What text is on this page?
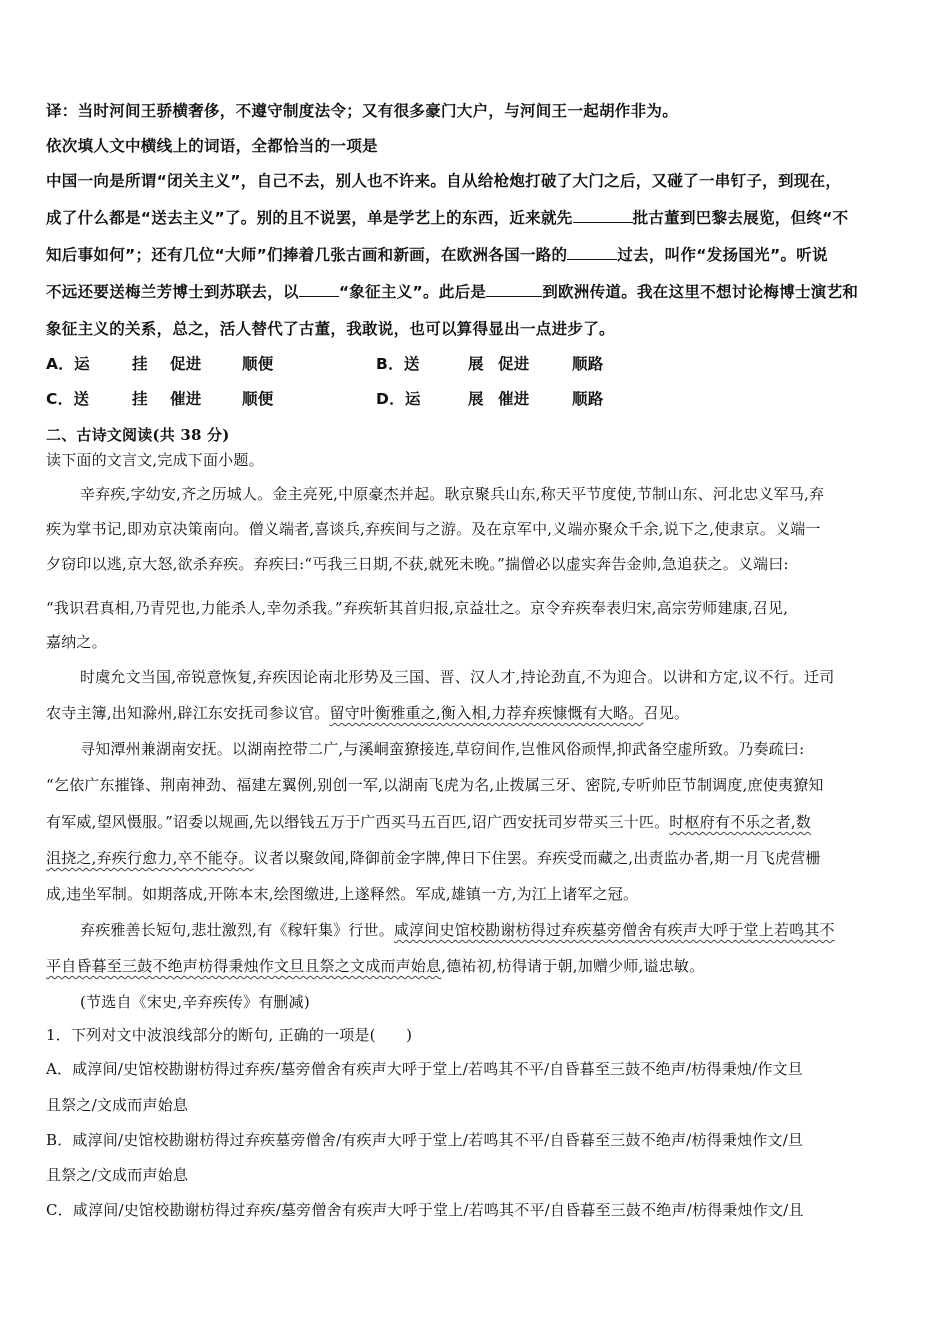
译：当时河间王骄横奢侈，不遵守制度法令；又有很多豪门大户，与河间王一起胡作非为。
依次填人文中横线上的词语，全都恰当的一项是
中国一向是所谓“闭关主义”，自己不去，别人也不许来。自从给枪炮打破了大门之后，又碰了一串钉子，到现在，
成了什么都是“送去主义”了。别的且不说罢，单是学艺上的东西，近来就先	批古董到巴黎去展览，但终“不
知后事如何”；还有几位“大师”们捧着几张古画和新画，在欧洲各国一路的	过去，叫作“发扬国光”。听说
不远还要送梅兰芳博士到苏联去，以	“象征主义”。此后是	到欧洲传道。我在这里不想讨论梅博士演艺和
象征主义的关系，总之，活人替代了古董，我敢说，也可以算得显出一点进步了。
A．运	挂 促进	顺便	B．送	展 促进	顺路
C．送	挂 催进	顺便	D．运	展 催进	顺路
二、古诗文阅读(共 38 分)
读下面的文言文,完成下面小题。
辛弃疾,字幼安,齐之历城人。金主亮死,中原豪杰并起。耿京聚兵山东,称天平节度使,节制山东、河北忠义军马,弃
疾为掌书记,即劝京决策南向。僧义端者,喜谈兵,弃疾间与之游。及在京军中,义端亦聚众千余,说下之,使隶京。义端一
夕窃印以逃,京大怒,欲杀弃疾。弃疾曰:“丐我三日期,不获,就死未晚。”揣僧必以虚实奔告金帅,急追获之。义端曰:
“我识君真相,乃青兕也,力能杀人,幸勿杀我。”弃疾斩其首归报,京益壮之。京令弃疾奉表归宋,高宗劳师建康,召见,
嘉纳之。
时虞允文当国,帝锐意恢复,弃疾因论南北形势及三国、晋、汉人才,持论劲直,不为迎合。以讲和方定,议不行。迁司
农寺主簿,出知滁州,辟江东安抚司参议官。留守叶衡雅重之,衡入相,力荐弃疾慷慨有大略。召见。
寻知潭州兼湖南安抚。以湖南控带二广,与溪峒蛮獠接连,草窃间作,岂惟风俗顽悍,抑武备空虚所致。乃奏疏曰:
“乞依广东摧锋、荆南神劲、福建左翼例,别创一军,以湖南飞虎为名,止拨属三牙、密院,专听帅臣节制调度,庶使夷獠知
有军威,望风慑服。”诏委以规画,先以缗钱五万于广西买马五百匹,诏广西安抚司岁带买三十匹。时枢府有不乐之者,数
沮挠之,弃疾行愈力,卒不能夺。议者以聚敛闻,降御前金字牌,俾日下住罢。弃疾受而藏之,出责监办者,期一月飞虎营栅
成,违坐军制。如期落成,开陈本末,绘图缴进,上遂释然。军成,雄镇一方,为江上诸军之冠。
弃疾雅善长短句,悲壮激烈,有《稼轩集》行世。咸淳间史馆校勘谢枋得过弃疾墓旁僧舍有疾声大呼于堂上若鸣其不
平自昏暮至三鼓不绝声枋得秉烛作文旦且祭之文成而声始息,德祐初,枋得请于朝,加赠少师,谥忠敏。
(节选自《宋史,辛弃疾传》有删减)
1．下列对文中波浪线部分的断句, 正确的一项是(　　)
A．咸淳间/史馆校勘谢枋得过弃疾/墓旁僧舍有疾声大呼于堂上/若鸣其不平/自昏暮至三鼓不绝声/枋得秉烛/作文旦
且祭之/文成而声始息
B．咸淳间/史馆校勘谢枋得过弃疾墓旁僧舍/有疾声大呼于堂上/若鸣其不平/自昏暮至三鼓不绝声/枋得秉烛作文/旦
且祭之/文成而声始息
C．咸淳间/史馆校勘谢枋得过弃疾/墓旁僧舍有疾声大呼于堂上/若鸣其不平/自昏暮至三鼓不绝声/枋得秉烛作文/且
